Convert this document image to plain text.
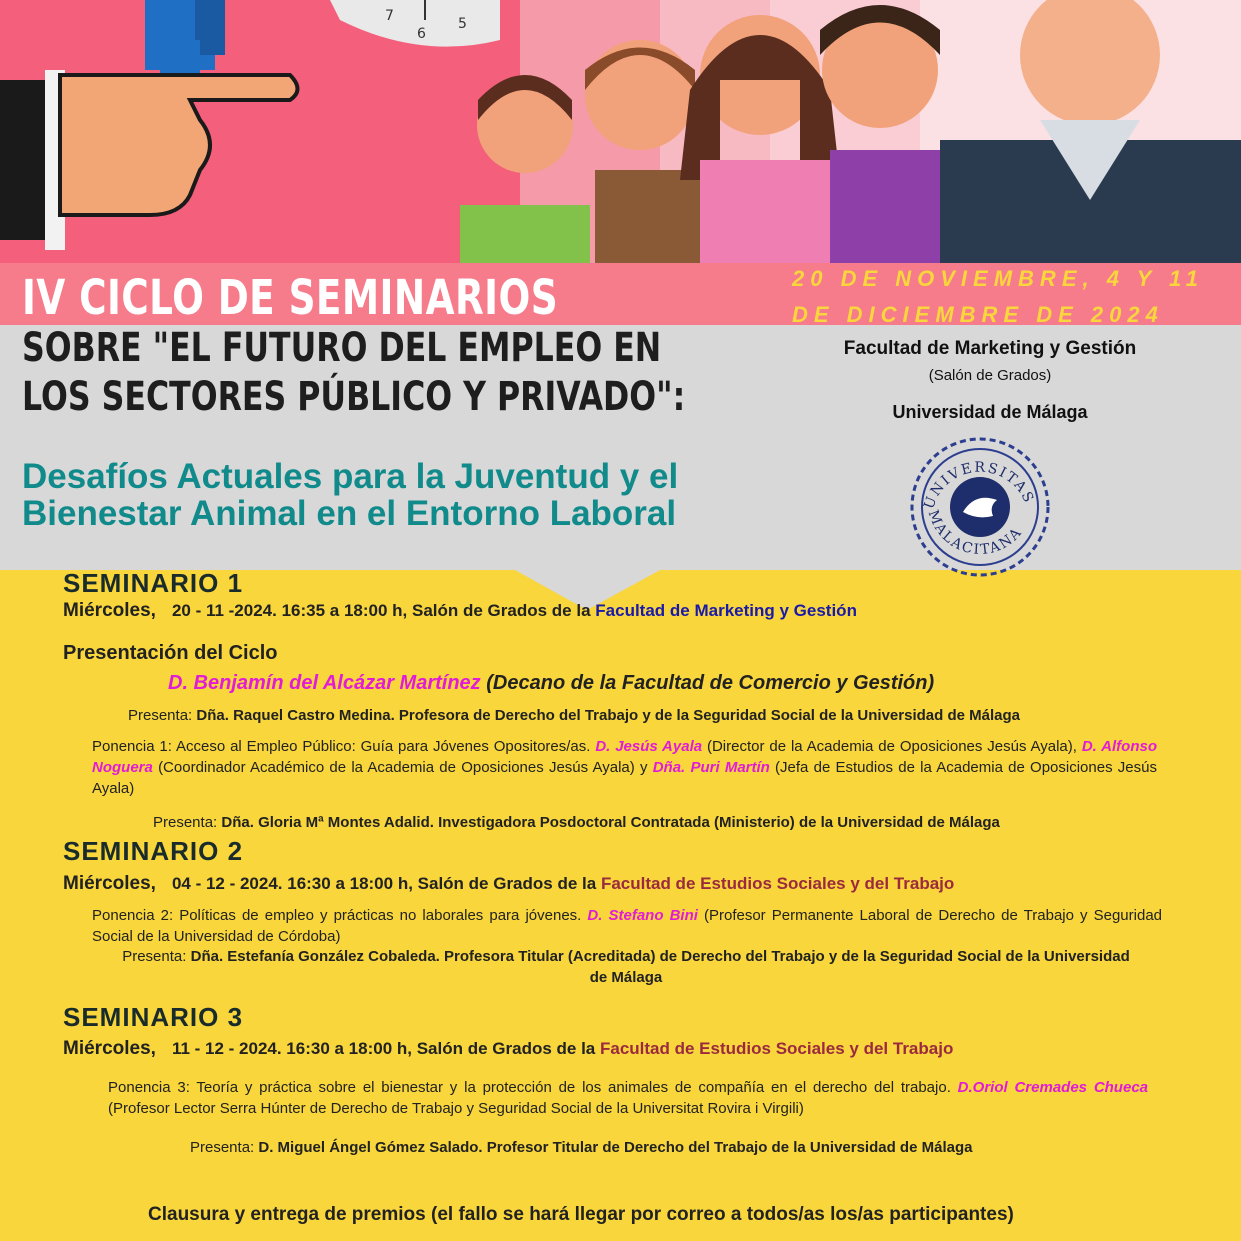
7
6
5
IV CICLO DE SEMINARIOS
SOBRE "EL FUTURO DEL EMPLEO EN
LOS SECTORES PÚBLICO Y PRIVADO":
Desafíos Actuales para la Juventud y el Bienestar Animal en el Entorno Laboral
20 DE NOVIEMBRE, 4 Y 11
DE DICIEMBRE DE 2024
Facultad de Marketing y Gestión
(Salón de Grados)
Universidad de Málaga
UNIVERSITAS
MALACITANA
SEMINARIO 1
Miércoles, 20 - 11 -2024. 16:35 a 18:00 h, Salón de Grados de la Facultad de Marketing y Gestión
Presentación del Ciclo
D. Benjamín del Alcázar Martínez (Decano de la Facultad de Comercio y Gestión)
Presenta: Dña. Raquel Castro Medina. Profesora de Derecho del Trabajo y de la Seguridad Social de la Universidad de Málaga
Ponencia 1: Acceso al Empleo Público: Guía para Jóvenes Opositores/as. D. Jesús Ayala (Director de la Academia de Oposiciones Jesús Ayala), D. Alfonso Noguera (Coordinador Académico de la Academia de Oposiciones Jesús Ayala) y Dña. Puri Martín (Jefa de Estudios de la Academia de Oposiciones Jesús Ayala)
Presenta: Dña. Gloria Mª Montes Adalid. Investigadora Posdoctoral Contratada (Ministerio) de la Universidad de Málaga
SEMINARIO 2
Miércoles, 04 - 12 - 2024. 16:30 a 18:00 h, Salón de Grados de la Facultad de Estudios Sociales y del Trabajo
Ponencia 2: Políticas de empleo y prácticas no laborales para jóvenes. D. Stefano Bini (Profesor Permanente Laboral de Derecho de Trabajo y Seguridad Social de la Universidad de Córdoba)
Presenta: Dña. Estefanía González Cobaleda. Profesora Titular (Acreditada) de Derecho del Trabajo y de la Seguridad Social de la Universidad de Málaga
SEMINARIO 3
Miércoles, 11 - 12 - 2024. 16:30 a 18:00 h, Salón de Grados de la Facultad de Estudios Sociales y del Trabajo
Ponencia 3: Teoría y práctica sobre el bienestar y la protección de los animales de compañía en el derecho del trabajo. D.Oriol Cremades Chueca (Profesor Lector Serra Húnter de Derecho de Trabajo y Seguridad Social de la Universitat Rovira i Virgili)
Presenta: D. Miguel Ángel Gómez Salado. Profesor Titular de Derecho del Trabajo de la Universidad de Málaga
Clausura y entrega de premios (el fallo se hará llegar por correo a todos/as los/as participantes)
